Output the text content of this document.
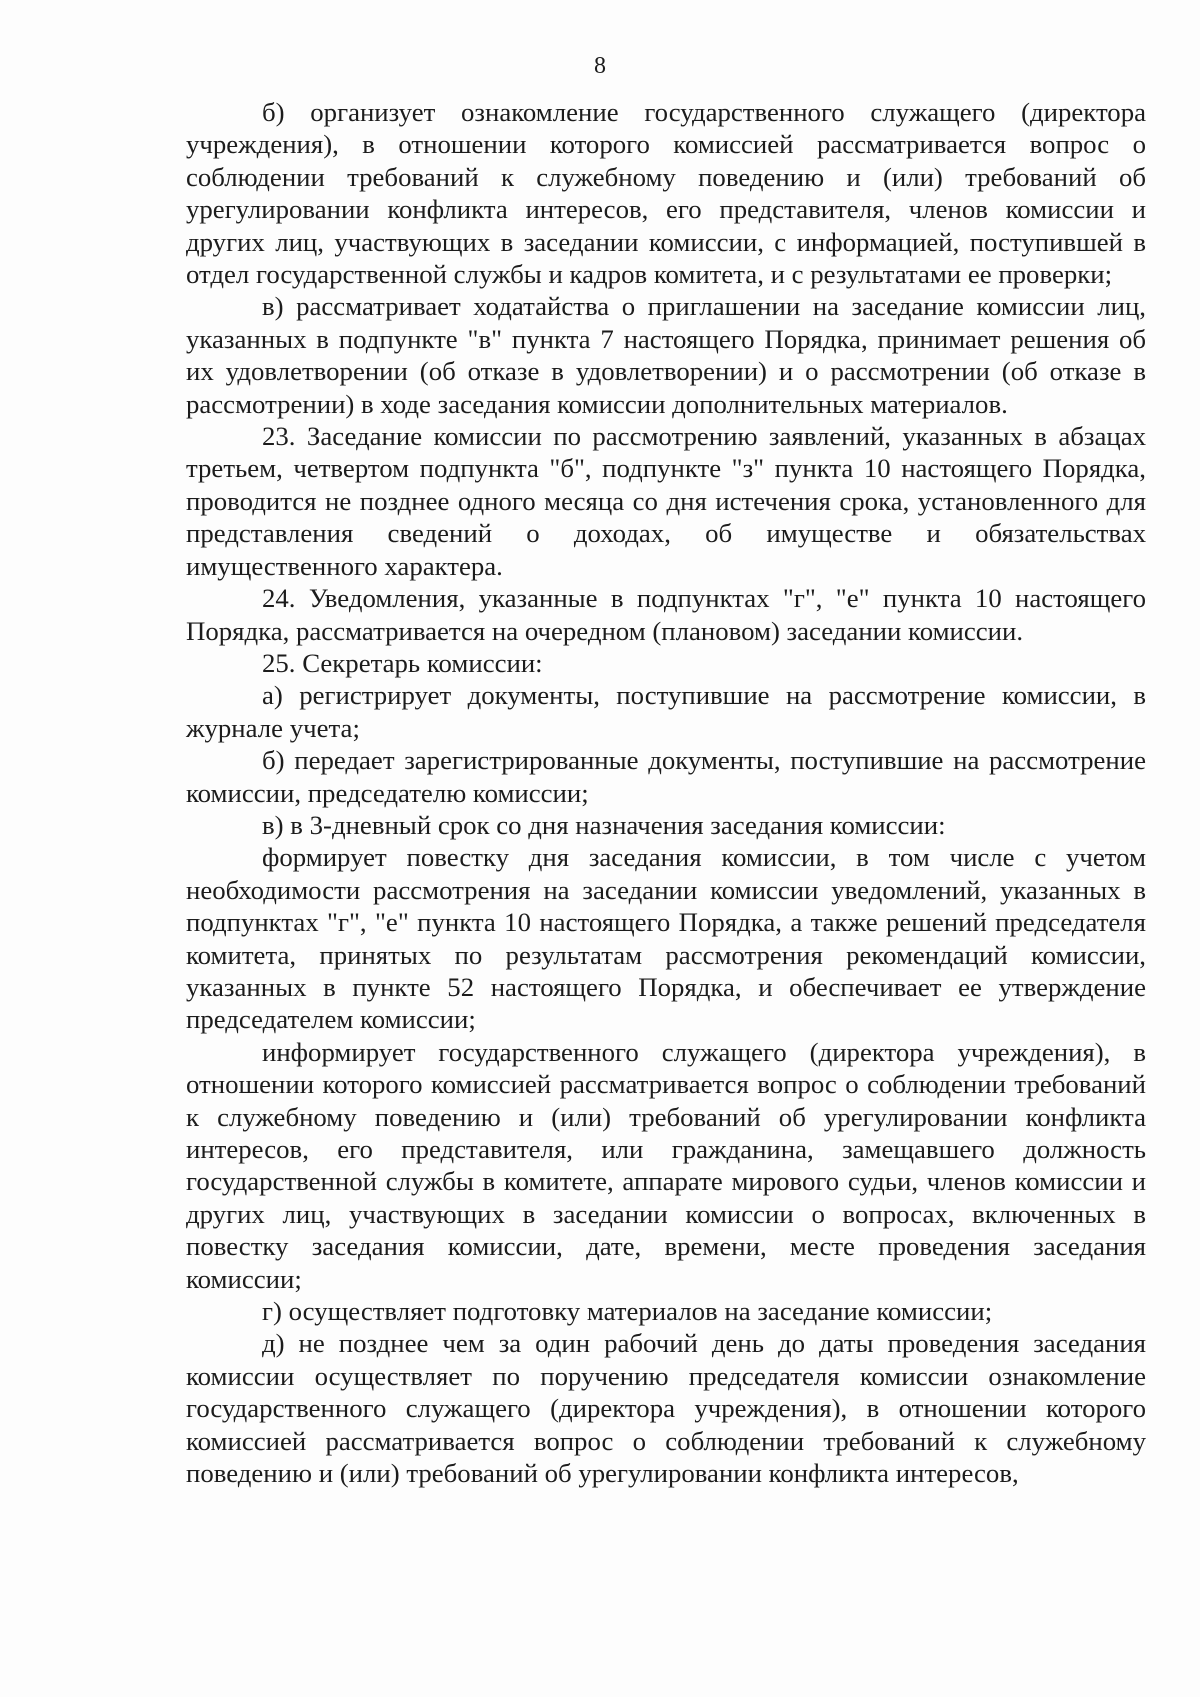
8

б) организует ознакомление государственного служащего (директора учреждения), в отношении которого комиссией рассматривается вопрос о соблюдении требований к служебному поведению и (или) требований об урегулировании конфликта интересов, его представителя, членов комиссии и других лиц, участвующих в заседании комиссии, с информацией, поступившей в отдел государственной службы и кадров комитета, и с результатами ее проверки;

в) рассматривает ходатайства о приглашении на заседание комиссии лиц, указанных в подпункте "в" пункта 7 настоящего Порядка, принимает решения об их удовлетворении (об отказе в удовлетворении) и о рассмотрении (об отказе в рассмотрении) в ходе заседания комиссии дополнительных материалов.

23. Заседание комиссии по рассмотрению заявлений, указанных в абзацах третьем, четвертом подпункта "б", подпункте "з" пункта 10 настоящего Порядка, проводится не позднее одного месяца со дня истечения срока, установленного для представления сведений о доходах, об имуществе и обязательствах имущественного характера.

24. Уведомления, указанные в подпунктах "г", "е" пункта 10 настоящего Порядка, рассматривается на очередном (плановом) заседании комиссии.

25. Секретарь комиссии:

а) регистрирует документы, поступившие на рассмотрение комиссии, в журнале учета;

б) передает зарегистрированные документы, поступившие на рассмотрение комиссии, председателю комиссии;

в) в 3-дневный срок со дня назначения заседания комиссии:

формирует повестку дня заседания комиссии, в том числе с учетом необходимости рассмотрения на заседании комиссии уведомлений, указанных в подпунктах "г", "е" пункта 10 настоящего Порядка, а также решений председателя комитета, принятых по результатам рассмотрения рекомендаций комиссии, указанных в пункте 52 настоящего Порядка, и обеспечивает ее утверждение председателем комиссии;

информирует государственного служащего (директора учреждения), в отношении которого комиссией рассматривается вопрос о соблюдении требований к служебному поведению и (или) требований об урегулировании конфликта интересов, его представителя, или гражданина, замещавшего должность государственной службы в комитете, аппарате мирового судьи, членов комиссии и других лиц, участвующих в заседании комиссии о вопросах, включенных в повестку заседания комиссии, дате, времени, месте проведения заседания комиссии;

г) осуществляет подготовку материалов на заседание комиссии;

д) не позднее чем за один рабочий день до даты проведения заседания комиссии осуществляет по поручению председателя комиссии ознакомление государственного служащего (директора учреждения), в отношении которого комиссией рассматривается вопрос о соблюдении требований к служебному поведению и (или) требований об урегулировании конфликта интересов,
